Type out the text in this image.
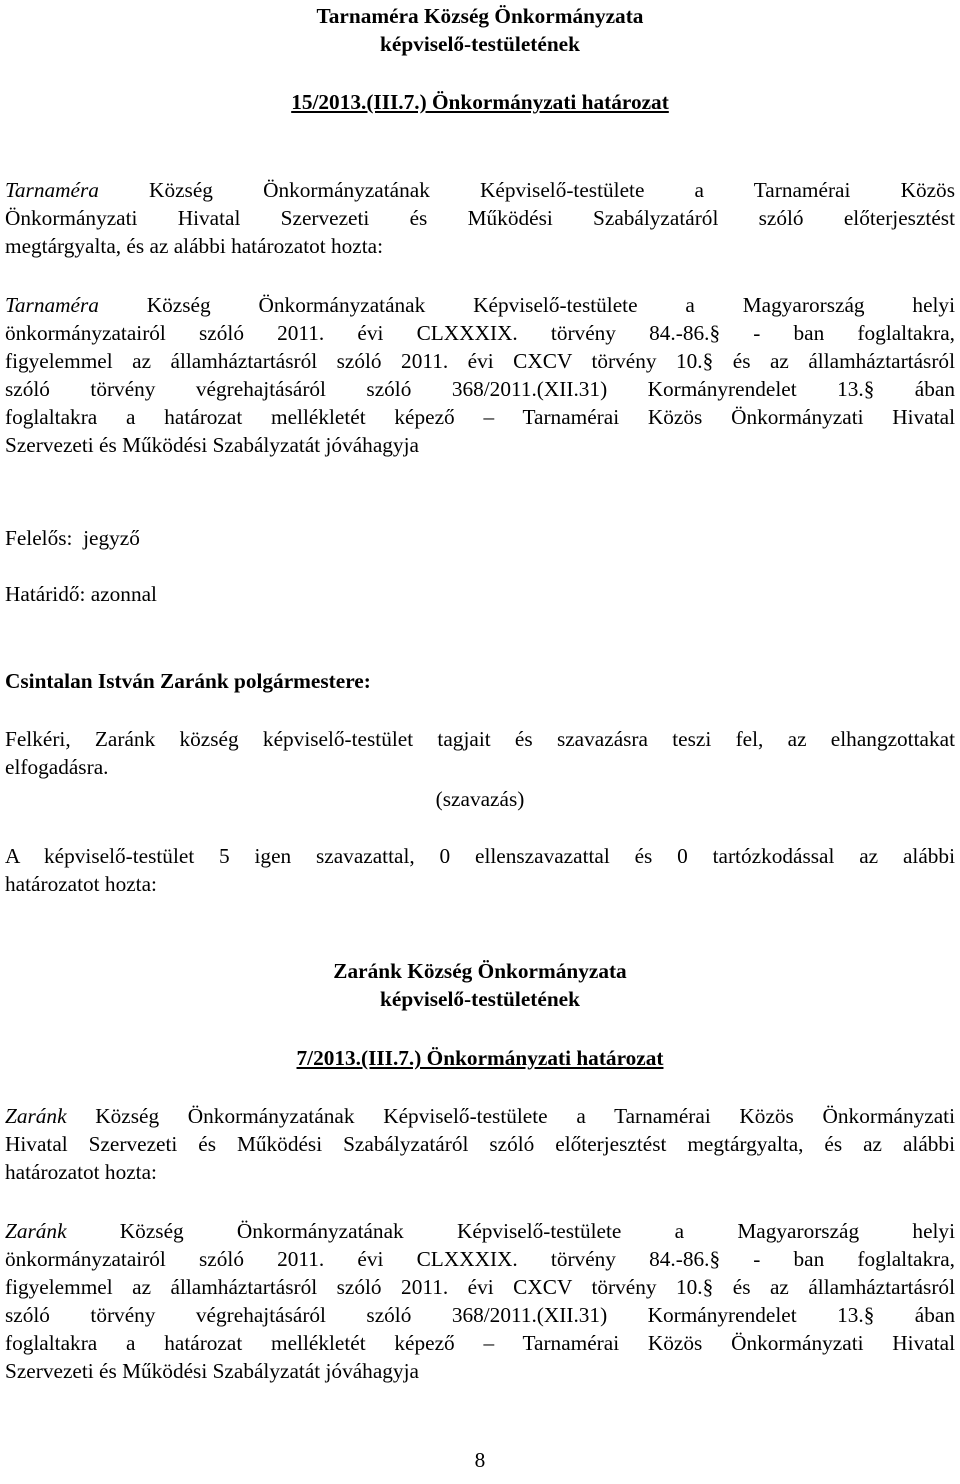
Tarnaméra Község Önkormányzata
képviselő-testületének
15/2013.(III.7.) Önkormányzati határozat
Tarnaméra Község Önkormányzatának Képviselő-testülete a Tarnamérai Közös
Önkormányzati Hivatal Szervezeti és Működési Szabályzatáról szóló előterjesztést
megtárgyalta, és az alábbi határozatot hozta:
Tarnaméra Község Önkormányzatának Képviselő-testülete a Magyarország helyi
önkormányzatairól szóló 2011. évi CLXXXIX. törvény 84.-86.§ - ban foglaltakra,
figyelemmel az államháztartásról szóló 2011. évi CXCV törvény 10.§ és az államháztartásról
szóló törvény végrehajtásáról szóló 368/2011.(XII.31) Kormányrendelet 13.§ ában
foglaltakra a határozat mellékletét képező – Tarnamérai Közös Önkormányzati Hivatal
Szervezeti és Működési Szabályzatát jóváhagyja
Felelős:  jegyző
Határidő: azonnal
Csintalan István Zaránk polgármestere:
Felkéri, Zaránk község képviselő-testület tagjait és szavazásra teszi fel, az elhangzottakat
elfogadásra.
(szavazás)
A képviselő-testület 5 igen szavazattal, 0 ellenszavazattal és 0 tartózkodással az alábbi
határozatot hozta:
Zaránk Község Önkormányzata
képviselő-testületének
7/2013.(III.7.) Önkormányzati határozat
Zaránk Község Önkormányzatának Képviselő-testülete a Tarnamérai Közös Önkormányzati
Hivatal Szervezeti és Működési Szabályzatáról szóló előterjesztést megtárgyalta, és az alábbi
határozatot hozta:
Zaránk Község Önkormányzatának Képviselő-testülete a Magyarország helyi
önkormányzatairól szóló 2011. évi CLXXXIX. törvény 84.-86.§ - ban foglaltakra,
figyelemmel az államháztartásról szóló 2011. évi CXCV törvény 10.§ és az államháztartásról
szóló törvény végrehajtásáról szóló 368/2011.(XII.31) Kormányrendelet 13.§ ában
foglaltakra a határozat mellékletét képező – Tarnamérai Közös Önkormányzati Hivatal
Szervezeti és Működési Szabályzatát jóváhagyja
8
